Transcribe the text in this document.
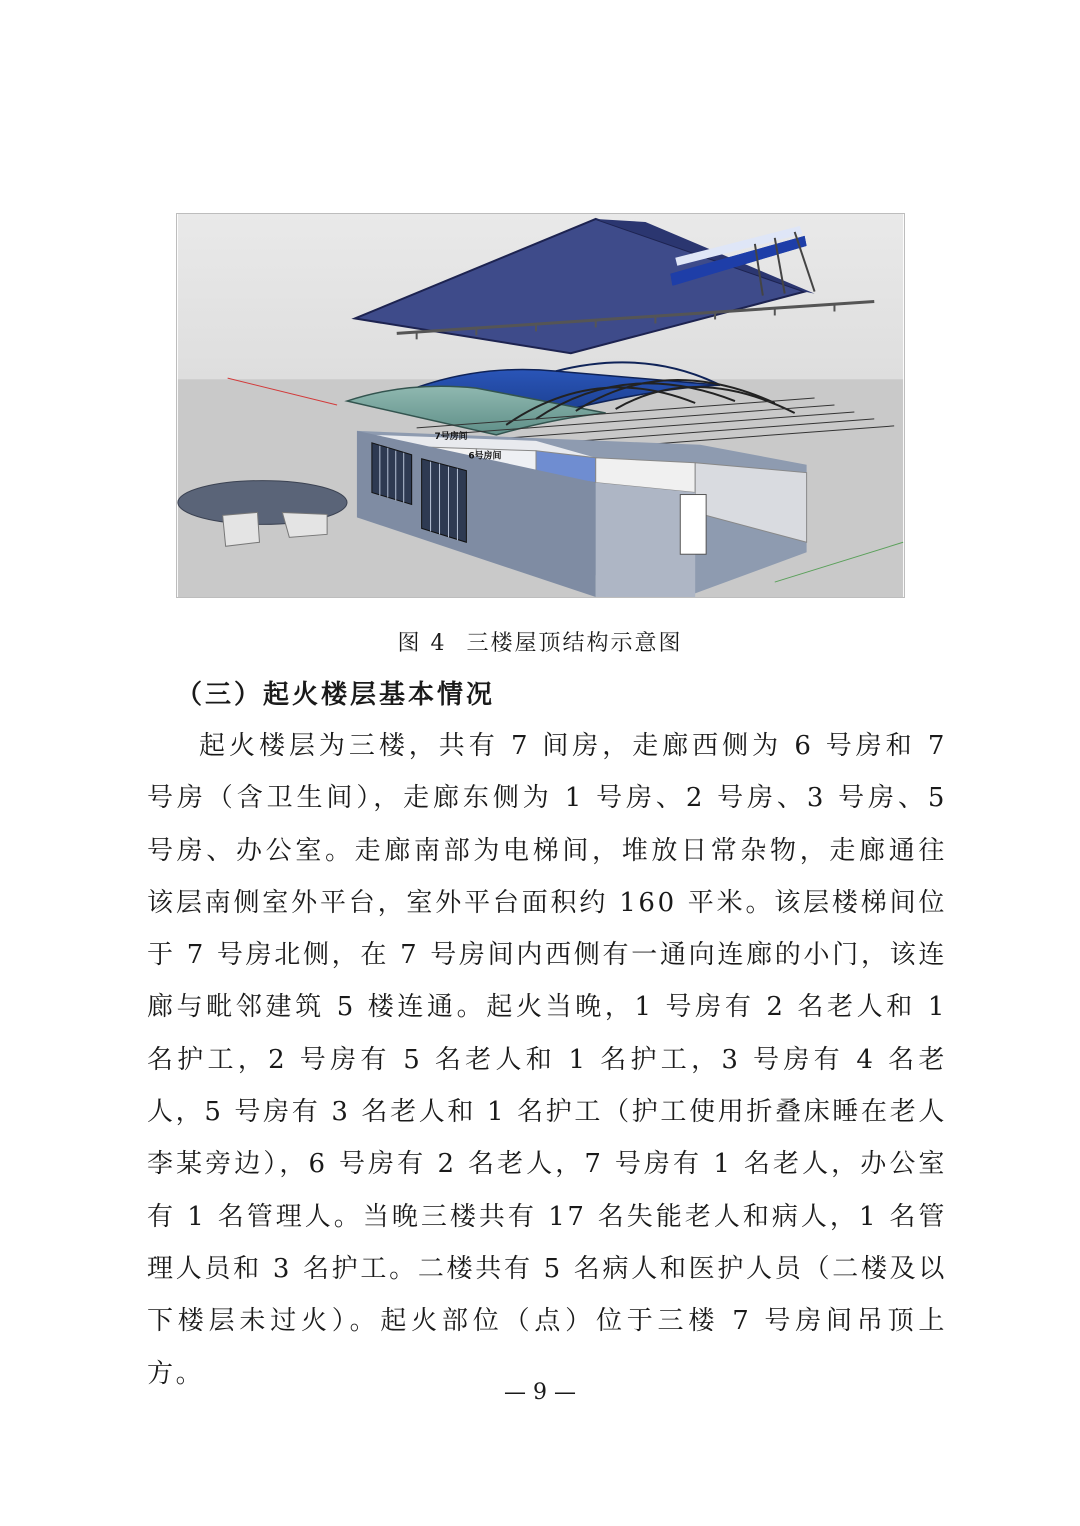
7号房间
6号房间
图 4 三楼屋顶结构示意图
（三）起火楼层基本情况

起火楼层为三楼，共有 7 间房，走廊西侧为 6 号房和 7 号房（含卫生间），走廊东侧为 1 号房、2 号房、3 号房、5 号房、办公室。走廊南部为电梯间，堆放日常杂物，走廊通往该层南侧室外平台，室外平台面积约 160 平米。该层楼梯间位于 7 号房北侧，在 7 号房间内西侧有一通向连廊的小门，该连廊与毗邻建筑 5 楼连通。起火当晚，1 号房有 2 名老人和 1 名护工，2 号房有 5 名老人和 1 名护工，3 号房有 4 名老人，5 号房有 3 名老人和 1 名护工（护工使用折叠床睡在老人李某旁边），6 号房有 2 名老人，7 号房有 1 名老人，办公室有 1 名管理人。当晚三楼共有 17 名失能老人和病人，1 名管理人员和 3 名护工。二楼共有 5 名病人和医护人员（二楼及以下楼层未过火）。起火部位（点）位于三楼 7 号房间吊顶上方。

— 9 —
